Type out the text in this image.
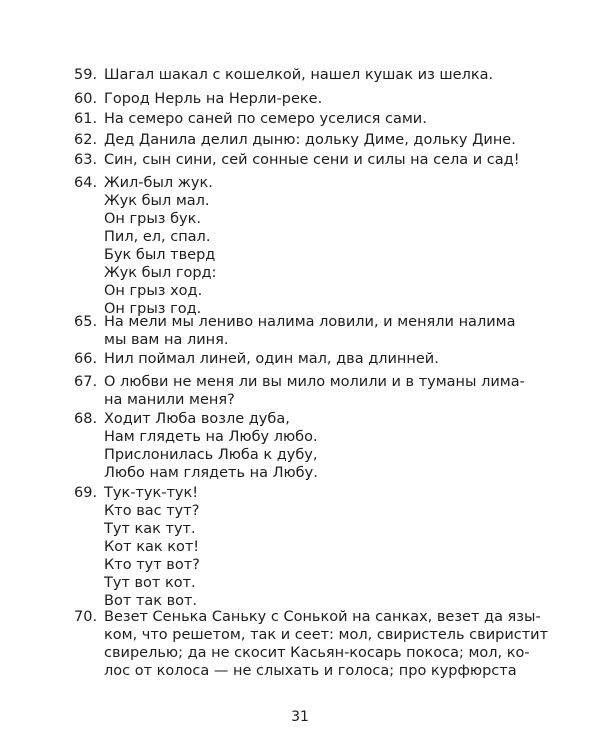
59. Шагал шакал с кошелкой, нашел кушак из шелка.
60. Город Нерль на Нерли-реке.
61. На семеро саней по семеро уселися сами.
62. Дед Данила делил дыню: дольку Диме, дольку Дине.
63. Син, сын сини, сей сонные сени и силы на села и сад!
64. Жил-был жук.
Жук был мал.
Он грыз бук.
Пил, ел, спал.
Бук был тверд
Жук был горд:
Он грыз ход.
Он грыз год.
65. На мели мы лениво налима ловили, и меняли налима
мы вам на линя.
66. Нил поймал линей, один мал, два длинней.
67. О любви не меня ли вы мило молили и в туманы лима-
на манили меня?
68. Ходит Люба возле дуба,
Нам глядеть на Любу любо.
Прислонилась Люба к дубу,
Любо нам глядеть на Любу.
69. Тук-тук-тук!
Кто вас тут?
Тут как тут.
Кот как кот!
Кто тут вот?
Тут вот кот.
Вот так вот.
70. Везет Сенька Саньку с Сонькой на санках, везет да язы-
ком, что решетом, так и сеет: мол, свиристель свиристит
свирелью; да не скосит Касьян-косарь покоса; мол, ко-
лос от колоса — не слыхать и голоса; про курфюрста
31
